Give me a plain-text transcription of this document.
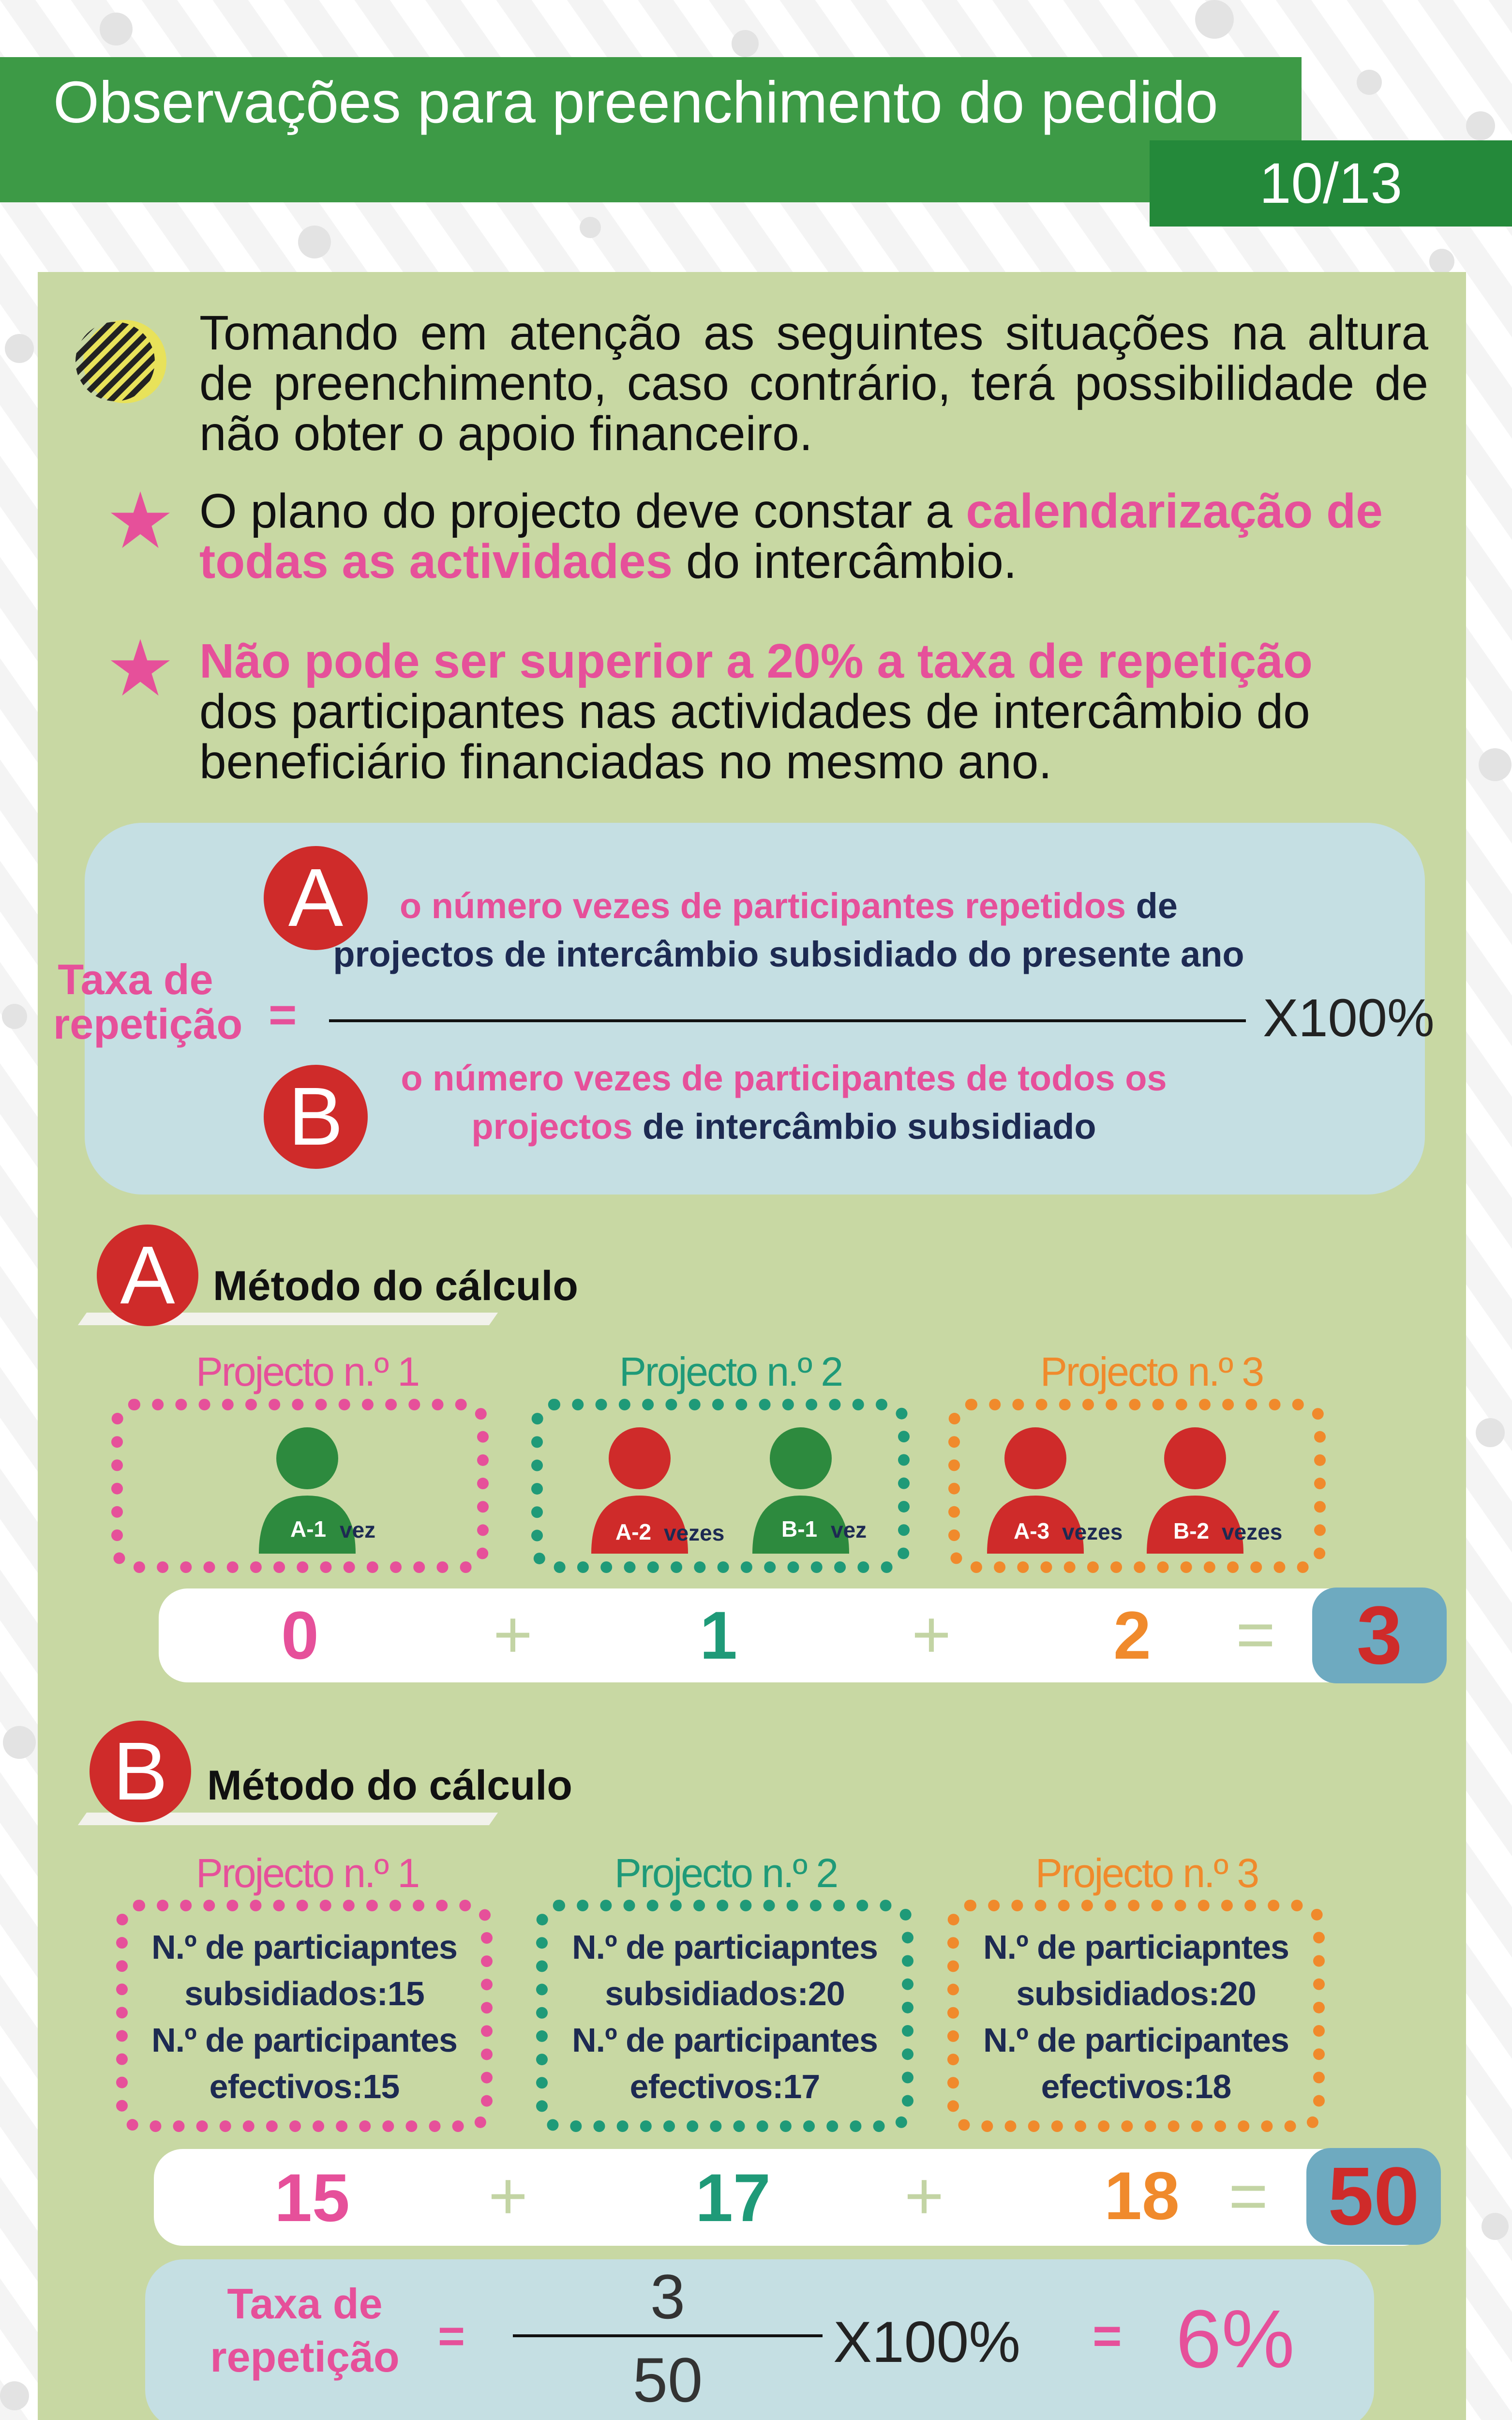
Observações para preenchimento do pedido
10/13
Tomando em atenção as seguintes situações na altura de preenchimento, caso contrário, terá possibilidade de não obter o apoio financeiro.
O plano do projecto deve constar a calendarização de todas as actividades do intercâmbio.
Não pode ser superior a 20% a taxa de repetição
dos participantes nas actividades de intercâmbio do beneficiário financiadas no mesmo ano.
Taxa de
repetição =
A	o número vezes de participantes repetidos de
projectos de intercâmbio subsidiado do presente ano
X100%
B	o número vezes de participantes de todos os
projectos de intercâmbio subsidiado
A Método do cálculo
Projecto n.º 1	Projecto n.º 2	Projecto n.º 3
A-1 vez	A-2 vezes	B-1 vez	A-3 vezes B-2 vezes
0	+	1	+	2	= 3
B Método do cálculo
Projecto n.º 1	Projecto n.º 2	Projecto n.º 3
N.º de particiapntes
subsidiados:15
N.º de participantes
efectivos:15
N.º de particiapntes
subsidiados:20
N.º de participantes
efectivos:17
N.º de particiapntes
subsidiados:20
N.º de participantes
efectivos:18
15	+	17	+	18 = 50
Taxa de
repetição =
3
50
X100% = 6%
